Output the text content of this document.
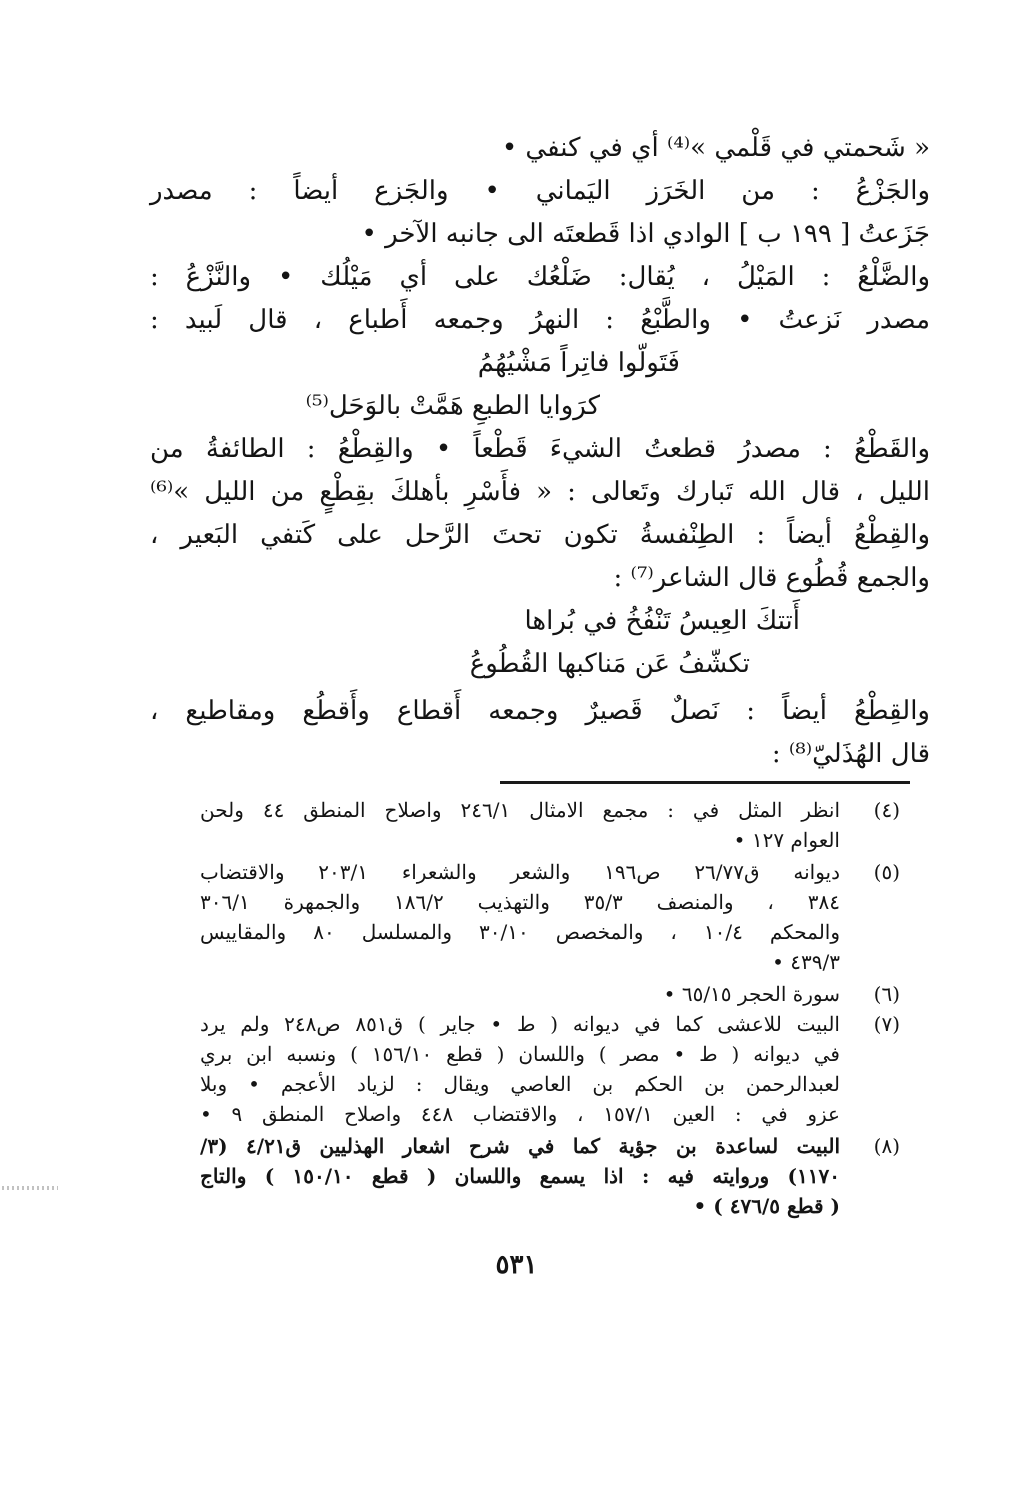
« شَحمتي في قَلْمي »⁽⁴⁾ أي في كنفي •
والجَزْعُ : من الخَرَز اليَماني • والجَزع أيضاً : مصدر
جَزَعتُ [ ١٩٩ ب ] الوادي اذا قَطعتَه الى جانبه الآخر •
والضَّلْعُ : المَيْلُ ، يُقال: ضَلْعُك على أي مَيْلُك • والنَّزْعُ :
مصدر نَزعتُ • والطَّبْعُ : النهرُ وجمعه أَطباع ، قال لَبيد :
فَتَولّوا فاتِراً مَشْيُهُمُ
كرَوايا الطبعِ هَمَّتْ بالوَحَل⁽⁵⁾
والقَطْعُ : مصدرُ قطعتُ الشيءَ قَطْعاً • والقِطْعُ : الطائفةُ من
الليل ، قال الله تَبارك وتَعالى : « فأَسْرِ بأهلكَ بقِطْعٍ من الليل »⁽⁶⁾
والقِطْعُ أيضاً : الطِنْفسةُ تكون تحتَ الرَّحل على كَتفي البَعير ،
والجمع قُطُوع قال الشاعر⁽⁷⁾ :
أَتتكَ العِيسُ تَنْفُخُ في بُراها
تكشّفُ عَن مَناكبها القُطُوعُ
والقِطْعُ أيضاً : نَصلٌ قَصيرٌ وجمعه أَقطاع وأَقطُع ومقاطيع ،
قال الهُذَليّ⁽⁸⁾ :
(٤)
انظر المثل في : مجمع الامثال ٢٤٦/١ واصلاح المنطق ٤٤ ولحن
العوام ١٢٧ •
(٥)
ديوانه ق٢٦/٧٧ ص١٩٦ والشعر والشعراء ٢٠٣/١ والاقتضاب
٣٨٤ ، والمنصف ٣٥/٣ والتهذيب ١٨٦/٢ والجمهرة ٣٠٦/١
والمحكم ١٠/٤ ، والمخصص ٣٠/١٠ والمسلسل ٨٠ والمقاييس
٤٣٩/٣ •
(٦)
سورة الحجر ٦٥/١٥ •
(٧)
البيت للاعشى كما في ديوانه ( ط • جاير ) ق٨٥١ ص٢٤٨ ولم يرد
في ديوانه ( ط • مصر ) واللسان ( قطع ١٥٦/١٠ ) ونسبه ابن بري
لعبدالرحمن بن الحكم بن العاصي ويقال : لزياد الأعجم • وبلا
عزو في : العين ١٥٧/١ ، والاقتضاب ٤٤٨ واصلاح المنطق ٩ •
(٨)
البيت لساعدة بن جؤية كما في شرح اشعار الهذليين ق٤/٢١ (٣/
١١٧٠) وروايته فيه : اذا يسمع واللسان ( قطع ١٥٠/١٠ ) والتاج
( قطع ٤٧٦/٥ ) •
٥٣١
